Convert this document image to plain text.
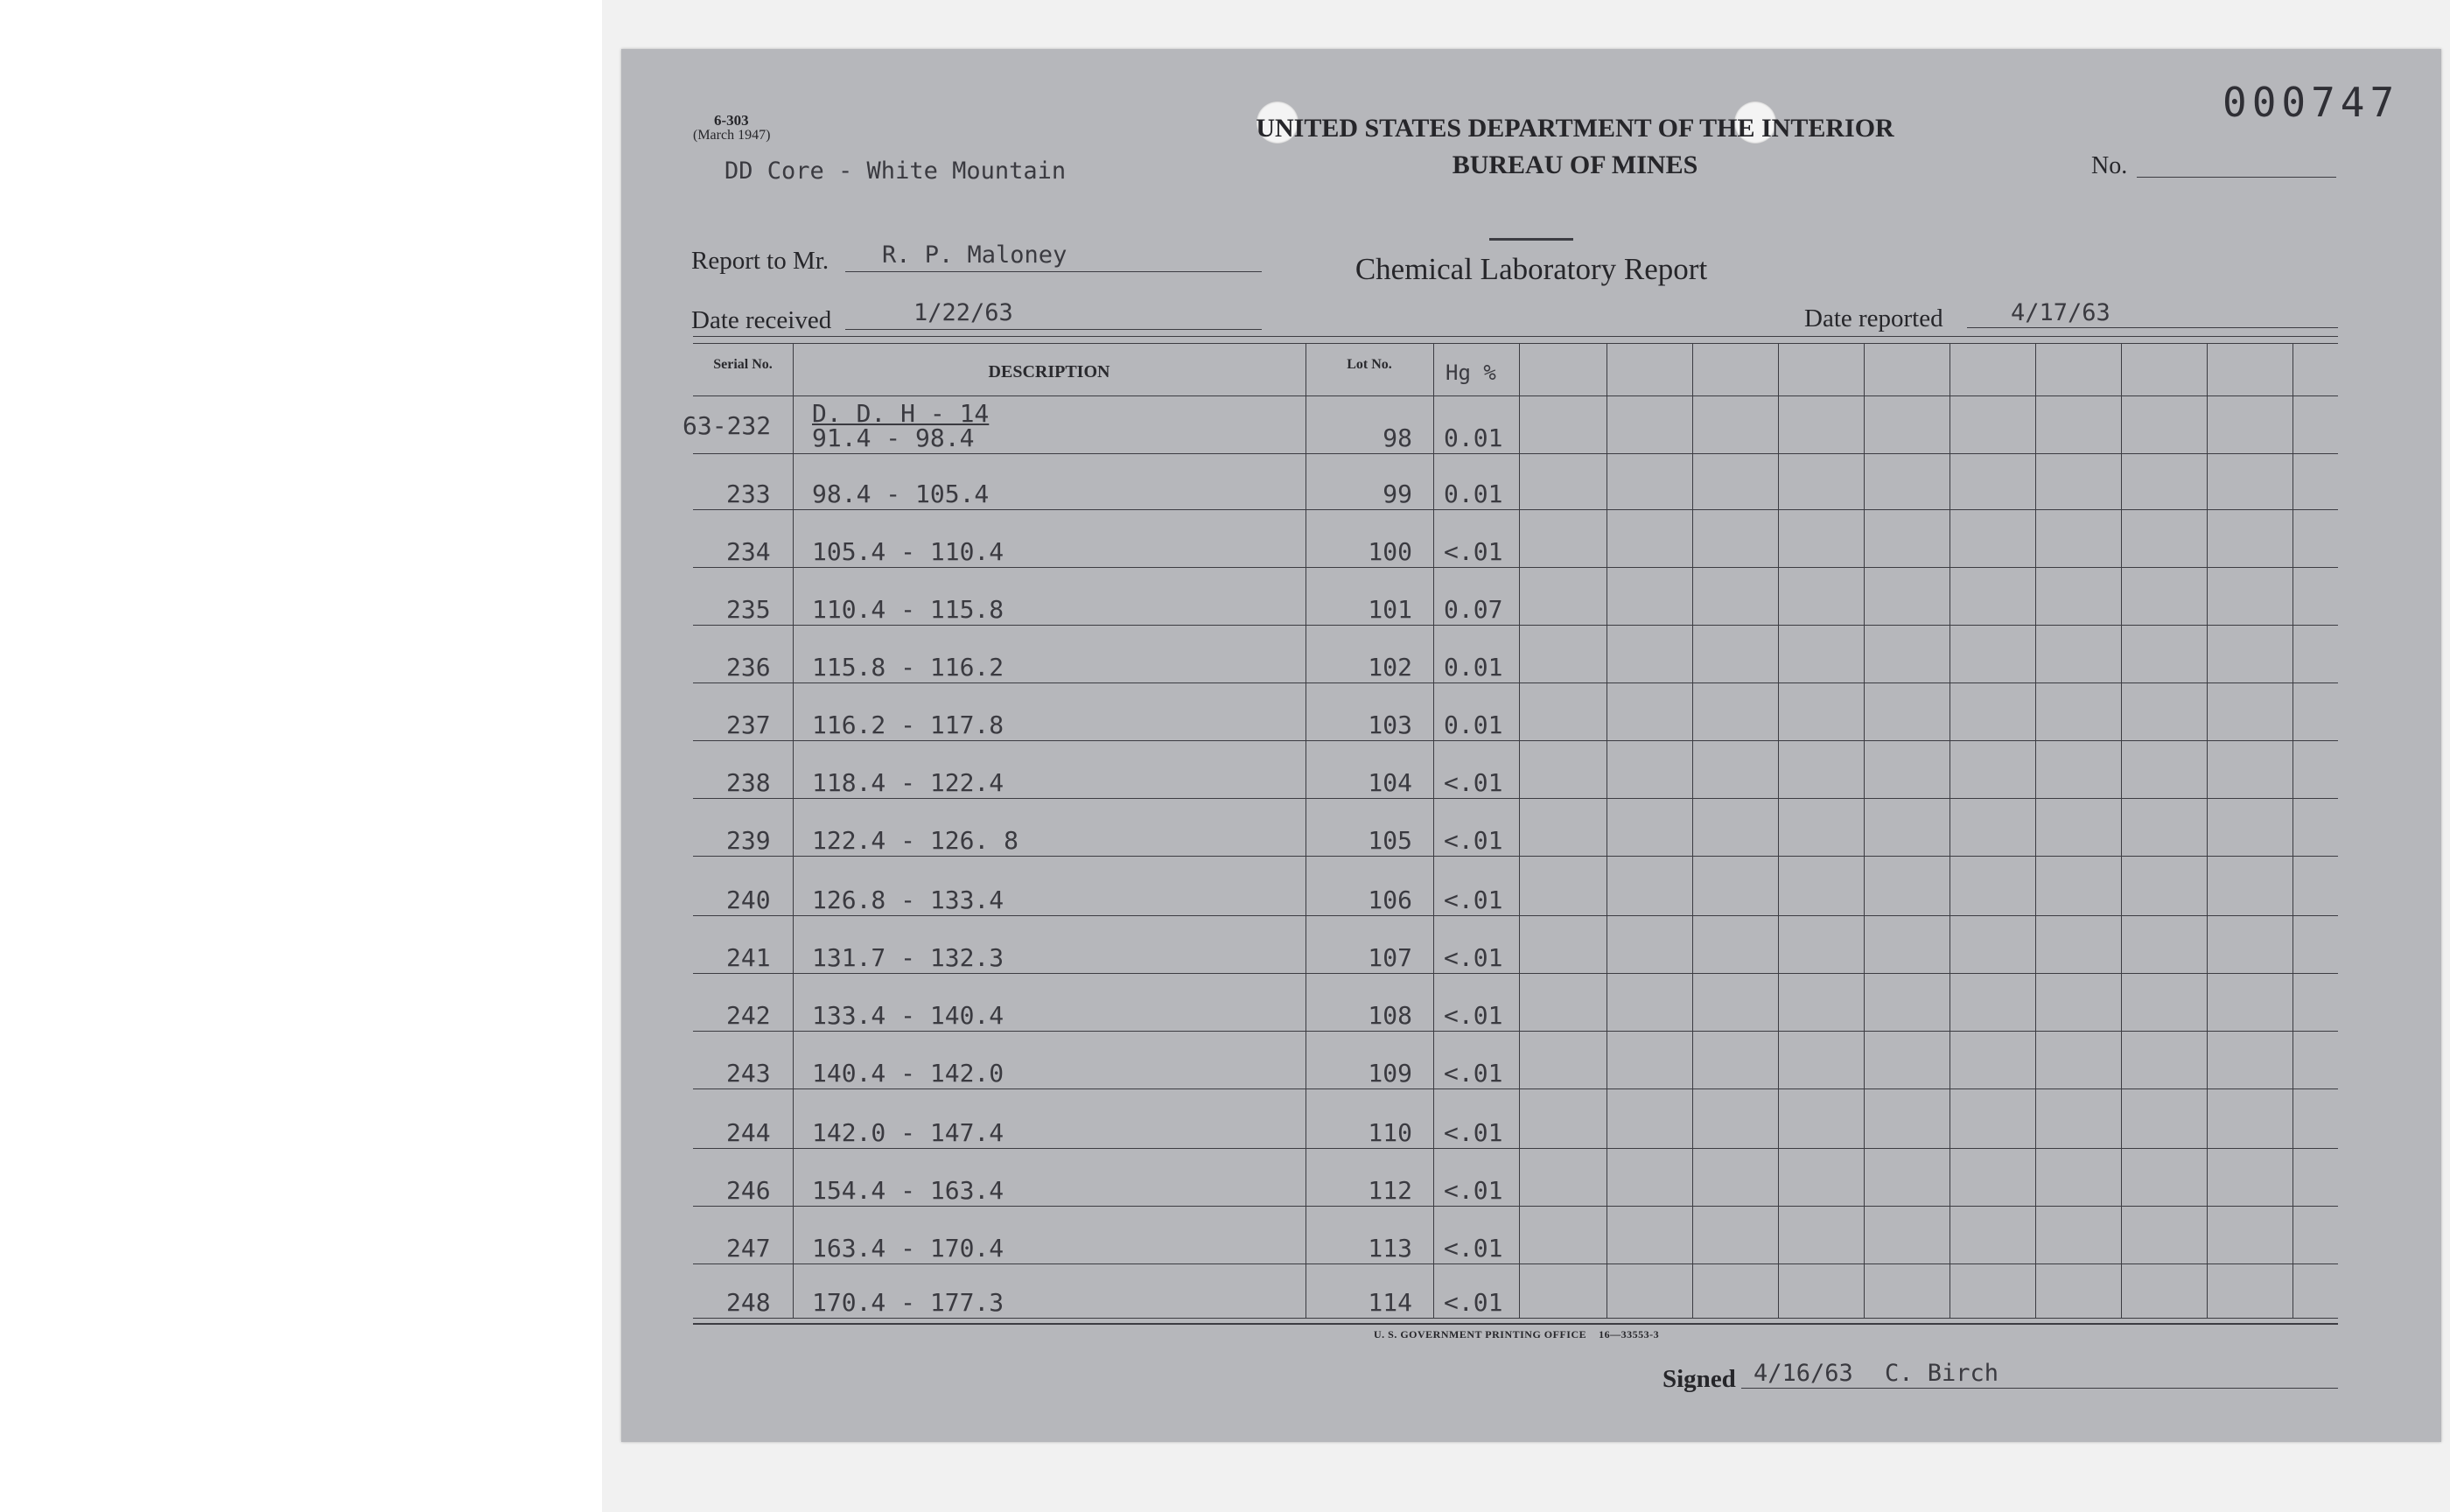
6-303
(March 1947)
000747
DD Core - White Mountain
UNITED STATES DEPARTMENT OF THE INTERIOR
BUREAU OF MINES	No.
Chemical Laboratory Report
Report to Mr. R. P. Maloney
Date received	1/22/63	Date reported	4/17/63
Serial No.	DESCRIPTION	Lot No.	Hg %
D. D. H - 14
63-232 91.4 - 98.4	98 0.01
233 98.4 - 105.4	99 0.01
234 105.4 - 110.4	100 <.01
235 110.4 - 115.8	101 0.07
236 115.8 - 116.2	102 0.01
237 116.2 - 117.8	103 0.01
238 118.4 - 122.4	104 <.01
239 122.4 - 126. 8	105 <.01
240 126.8 - 133.4	106 <.01
241 131.7 - 132.3	107 <.01
242 133.4 - 140.4	108 <.01
243 140.4 - 142.0	109 <.01
244 142.0 - 147.4	110 <.01
246 154.4 - 163.4	112 <.01
247 163.4 - 170.4	113 <.01
248 170.4 - 177.3	114 <.01
U. S. GOVERNMENT PRINTING OFFICE    16—33553-3
Signed 4/16/63 C. Birch
